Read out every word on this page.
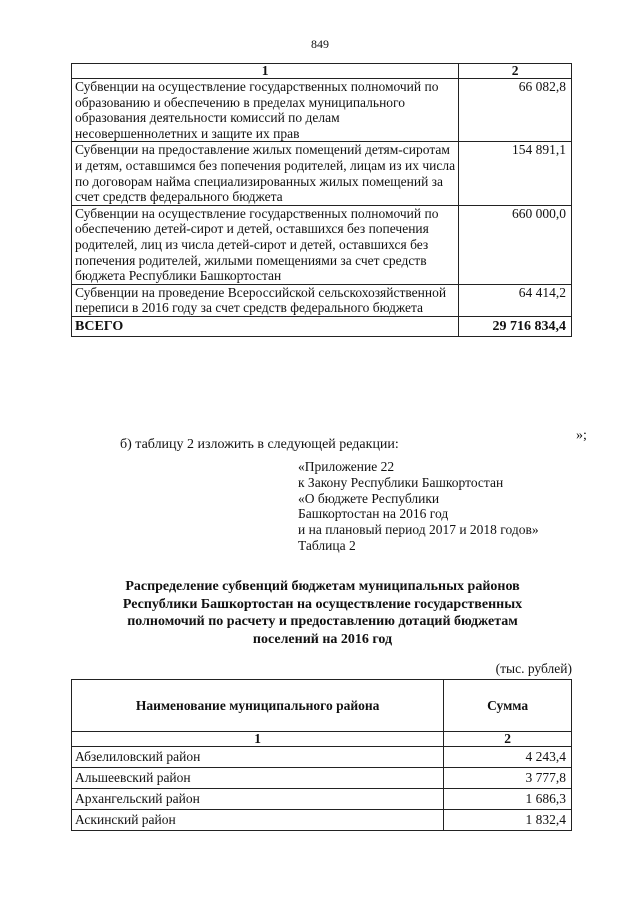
849
1	2
Субвенции на осуществление государственных полномочий по образованию и обеспечению в пределах муниципального образования деятельности комиссий по делам несовершеннолетних и защите их прав	66 082,8
Субвенции на предоставление жилых помещений детям-сиротам и детям, оставшимся без попечения родителей, лицам из их числа по договорам найма специализированных жилых помещений за счет средств федерального бюджета	154 891,1
Субвенции на осуществление государственных полномочий по обеспечению детей-сирот и детей, оставшихся без попечения родителей, лиц из числа детей-сирот и детей, оставшихся без попечения родителей, жилыми помещениями за счет средств бюджета Республики Башкортостан	660 000,0
Субвенции на проведение Всероссийской сельскохозяйственной переписи в 2016 году за счет средств федерального бюджета	64 414,2
ВСЕГО	29 716 834,4
»;
б) таблицу 2 изложить в следующей редакции:
«Приложение 22
к Закону Республики Башкортостан
«О бюджете Республики
Башкортостан на 2016 год
и на плановый период 2017 и 2018 годов»
Таблица 2
Распределение субвенций бюджетам муниципальных районов
Республики Башкортостан на осуществление государственных
полномочий по расчету и предоставлению дотаций бюджетам
поселений на 2016 год
(тыс. рублей)
Наименование муниципального района	Сумма
1	2
Абзелиловский район	4 243,4
Альшеевский район	3 777,8
Архангельский район	1 686,3
Аскинский район	1 832,4
